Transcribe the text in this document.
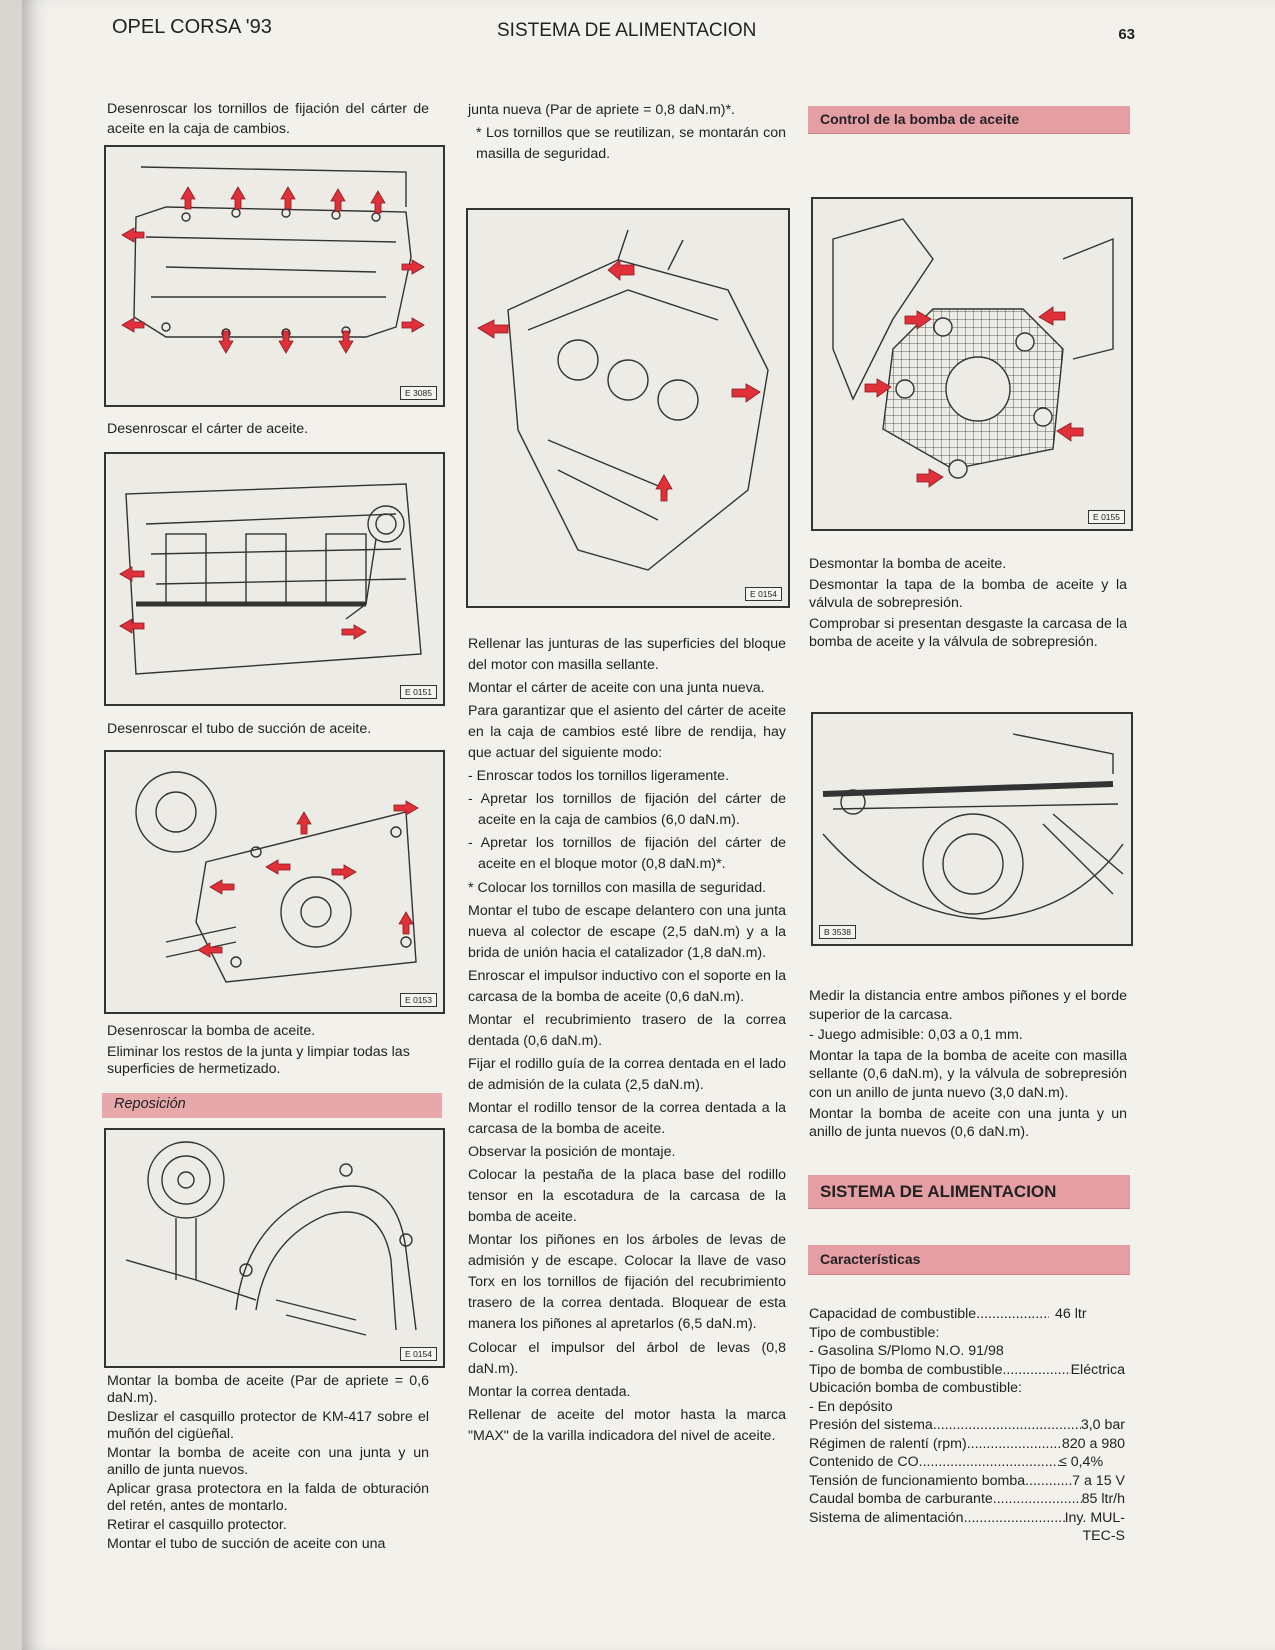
OPEL CORSA '93	SISTEMA DE ALIMENTACION	63

Desenroscar los tornillos de fijación del cárter de aceite en la caja de cambios.

E 3085
Desenroscar el cárter de aceite.
E 0151
Desenroscar el tubo de succión de aceite.
E 0153

Desenroscar la bomba de aceite.

Eliminar los restos de la junta y limpiar todas las superficies de hermetizado.

Reposición
E 0154

Montar la bomba de aceite (Par de apriete = 0,6 daN.m).

Deslizar el casquillo protector de KM-417 sobre el muñón del cigüeñal.

Montar la bomba de aceite con una junta y un anillo de junta nuevos.

Aplicar grasa protectora en la falda de obturación del retén, antes de montarlo.

Retirar el casquillo protector.

Montar el tubo de succión de aceite con una

junta nueva (Par de apriete = 0,8 daN.m)*.

* Los tornillos que se reutilizan, se montarán con masilla de seguridad.

E 0154

Rellenar las junturas de las superficies del bloque del motor con masilla sellante.

Montar el cárter de aceite con una junta nueva.

Para garantizar que el asiento del cárter de aceite en la caja de cambios esté libre de rendija, hay que actuar del siguiente modo:

- Enroscar todos los tornillos ligeramente.

- Apretar los tornillos de fijación del cárter de aceite en la caja de cambios (6,0 daN.m).

- Apretar los tornillos de fijación del cárter de aceite en el bloque motor (0,8 daN.m)*.

* Colocar los tornillos con masilla de seguridad.

Montar el tubo de escape delantero con una junta nueva al colector de escape (2,5 daN.m) y a la brida de unión hacia el catalizador (1,8 daN.m).

Enroscar el impulsor inductivo con el soporte en la carcasa de la bomba de aceite (0,6 daN.m).

Montar el recubrimiento trasero de la correa dentada (0,6 daN.m).

Fijar el rodillo guía de la correa dentada en el lado de admisión de la culata (2,5 daN.m).

Montar el rodillo tensor de la correa dentada a la carcasa de la bomba de aceite.

Observar la posición de montaje.

Colocar la pestaña de la placa base del rodillo tensor en la escotadura de la carcasa de la bomba de aceite.

Montar los piñones en los árboles de levas de admisión y de escape. Colocar la llave de vaso Torx en los tornillos de fijación del recubrimiento trasero de la correa dentada. Bloquear de esta manera los piñones al apretarlos (6,5 daN.m).

Colocar el impulsor del árbol de levas (0,8 daN.m).

Montar la correa dentada.

Rellenar de aceite del motor hasta la marca "MAX" de la varilla indicadora del nivel de aceite.

Control de la bomba de aceite
E 0155

Desmontar la bomba de aceite.

Desmontar la tapa de la bomba de aceite y la válvula de sobrepresión.

Comprobar si presentan desgaste la carcasa de la bomba de aceite y la válvula de sobrepresión.

B 3538

Medir la distancia entre ambos piñones y el borde superior de la carcasa.

- Juego admisible: 0,03 a 0,1 mm.

Montar la tapa de la bomba de aceite con masilla sellante (0,6 daN.m), y la válvula de sobrepresión con un anillo de junta nuevo (3,0 daN.m).

Montar la bomba de aceite con una junta y un anillo de junta nuevos (0,6 daN.m).

SISTEMA DE ALIMENTACION
Características
Capacidad de combustible .....	46 ltr
Tipo de combustible:
- Gasolina S/Plomo N.O. 91/98
Tipo de bomba de combustible .....	Eléctrica
Ubicación bomba de combustible:
- En depósito
Presión del sistema .....	3,0 bar
Régimen de ralentí (rpm) .....	820 a 980
Contenido de CO .....	≤ 0,4%
Tensión de funcionamiento bomba .....	7 a 15 V
Caudal bomba de carburante .....	85 ltr/h
Sistema de alimentación .....	Iny. MUL-
TEC-S
